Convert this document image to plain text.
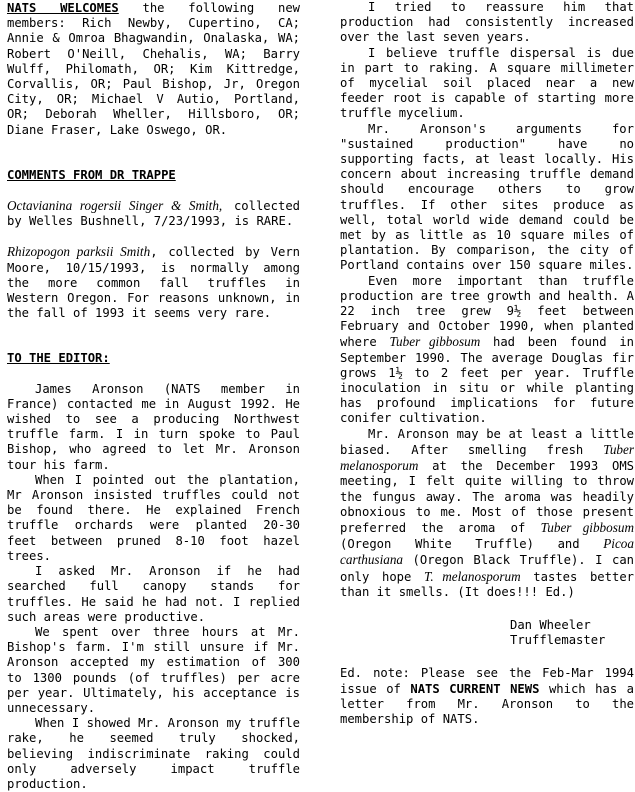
NATS WELCOMES the following new members: Rich Newby, Cupertino, CA; Annie & Omroa Bhagwandin, Onalaska, WA; Robert O'Neill, Chehalis, WA; Barry Wulff, Philomath, OR; Kim Kittredge, Corvallis, OR; Paul Bishop, Jr, Oregon City, OR; Michael V Autio, Portland, OR; Deborah Wheller, Hillsboro, OR; Diane Fraser, Lake Oswego, OR.

COMMENTS FROM DR TRAPPE

Octavianina rogersii Singer & Smith, collected by Welles Bushnell, 7/23/1993, is RARE.

Rhizopogon parksii Smith, collected by Vern Moore, 10/15/1993, is normally among the more common fall truffles in Western Oregon. For reasons unknown, in the fall of 1993 it seems very rare.

TO THE EDITOR:

James Aronson (NATS member in France) contacted me in August 1992. He wished to see a producing Northwest truffle farm. I in turn spoke to Paul Bishop, who agreed to let Mr. Aronson tour his farm.

When I pointed out the plantation, Mr Aronson insisted truffles could not be found there. He explained French truffle orchards were planted 20-30 feet between pruned 8-10 foot hazel trees.

I asked Mr. Aronson if he had searched full canopy stands for truffles. He said he had not. I replied such areas were productive.

We spent over three hours at Mr. Bishop's farm. I'm still unsure if Mr. Aronson accepted my estimation of 300 to 1300 pounds (of truffles) per acre per year. Ultimately, his acceptance is unnecessary.

When I showed Mr. Aronson my truffle rake, he seemed truly shocked, believing indiscriminate raking could only adversely impact truffle production.

I tried to reassure him that production had consistently increased over the last seven years.

I believe truffle dispersal is due in part to raking. A square millimeter of mycelial soil placed near a new feeder root is capable of starting more truffle mycelium.

Mr. Aronson's arguments for "sustained production" have no supporting facts, at least locally. His concern about increasing truffle demand should encourage others to grow truffles. If other sites produce as well, total world wide demand could be met by as little as 10 square miles of plantation. By comparison, the city of Portland contains over 150 square miles.

Even more important than truffle production are tree growth and health. A 22 inch tree grew 9½ feet between February and October 1990, when planted where Tuber gibbosum had been found in September 1990. The average Douglas fir grows 1½ to 2 feet per year. Truffle inoculation in situ or while planting has profound implications for future conifer cultivation.

Mr. Aronson may be at least a little biased. After smelling fresh Tuber melanosporum at the December 1993 OMS meeting, I felt quite willing to throw the fungus away. The aroma was headily obnoxious to me. Most of those present preferred the aroma of Tuber gibbosum (Oregon White Truffle) and Picoa carthusiana (Oregon Black Truffle). I can only hope T. melanosporum tastes better than it smells. (It does!!! Ed.)

Dan Wheeler

Trufflemaster

Ed. note: Please see the Feb-Mar 1994 issue of NATS CURRENT NEWS which has a letter from Mr. Aronson to the membership of NATS.
